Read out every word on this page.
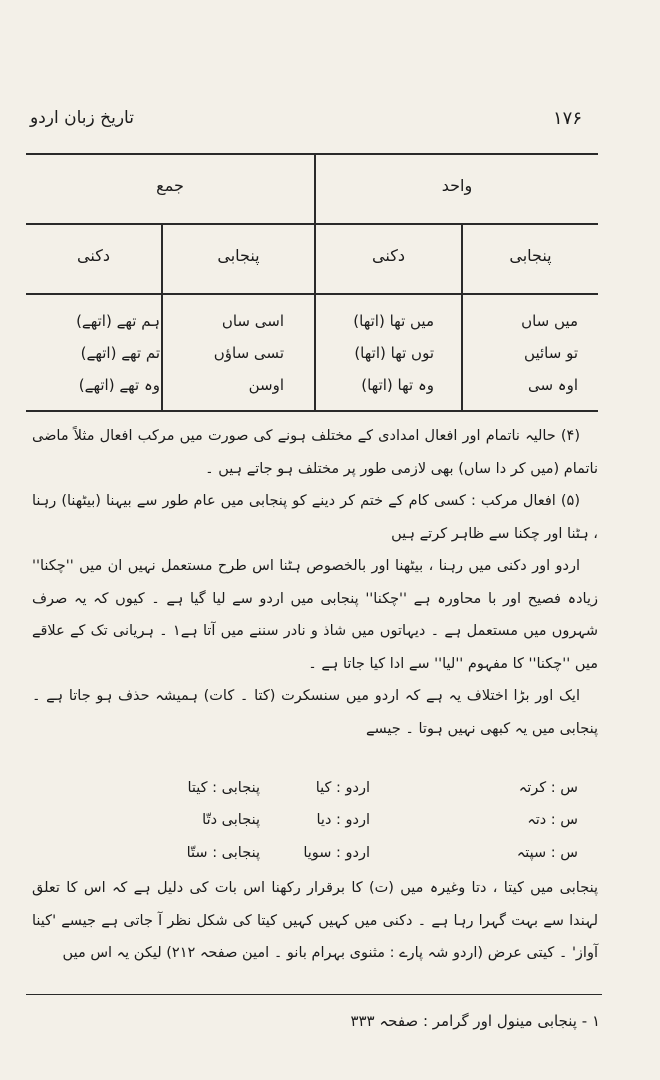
تاریخ زبان اردو	۱۷۶
واحد
جمع
پنجابی
دکنی
پنجابی
دکنی
میں ساں
تو سائیں
اوہ سی
میں تھا (اتھا)
توں تھا (اتھا)
وہ تھا (اتھا)
اسی ساں
تسی ساؤں
اوسن
ہم تھے (اتھے)
تم تھے (اتھے)
وہ تھے (اتھے)

(۴) حالیہ ناتمام اور افعال امدادی کے مختلف ہونے کی صورت میں مرکب افعال مثلاً ماضی ناتمام (میں کر دا ساں) بھی لازمی طور پر مختلف ہو جاتے ہیں ۔

(۵) افعال مرکب : کسی کام کے ختم کر دینے کو پنجابی میں عام طور سے بیہنا (بیٹھنا) رہنا ، ہٹنا اور چکنا سے ظاہر کرتے ہیں

اردو اور دکنی میں رہنا ، بیٹھنا اور بالخصوص ہٹنا اس طرح مستعمل نہیں ان میں ''چکنا'' زیادہ فصیح اور با محاورہ ہے ''چکنا'' پنجابی میں اردو سے لیا گیا ہے ۔ کیوں کہ یہ صرف شہروں میں مستعمل ہے ۔ دیہاتوں میں شاذ و نادر سننے میں آتا ہے۱ ۔ ہریانی تک کے علاقے میں ''چکنا'' کا مفہوم ''لیا'' سے ادا کیا جاتا ہے ۔

ایک اور بڑا اختلاف یہ ہے کہ اردو میں سنسکرت (کتا ۔ کات) ہمیشہ حذف ہو جاتا ہے ۔ پنجابی میں یہ کبھی نہیں ہوتا ۔ جیسے

س : کرتہ
اردو : کیا
پنجابی : کیتا
س : دتہ
اردو : دیا
پنجابی دتّا
س : سپتہ
اردو : سویا
پنجابی : ستّا

پنجابی میں کیتا ، دتا وغیرہ میں (ت) کا برقرار رکھنا اس بات کی دلیل ہے کہ اس کا تعلق لہندا سے بہت گہرا رہا ہے ۔ دکنی میں کہیں کہیں کیتا کی شکل نظر آ جاتی ہے جیسے 'کینا آواز' ۔ کیتی عرض (اردو شہ پارے : مثنوی بہرام بانو ۔ امین صفحہ ۲۱۲) لیکن یہ اس میں

۱ - پنجابی مینول اور گرامر : صفحہ ۳۳۳
